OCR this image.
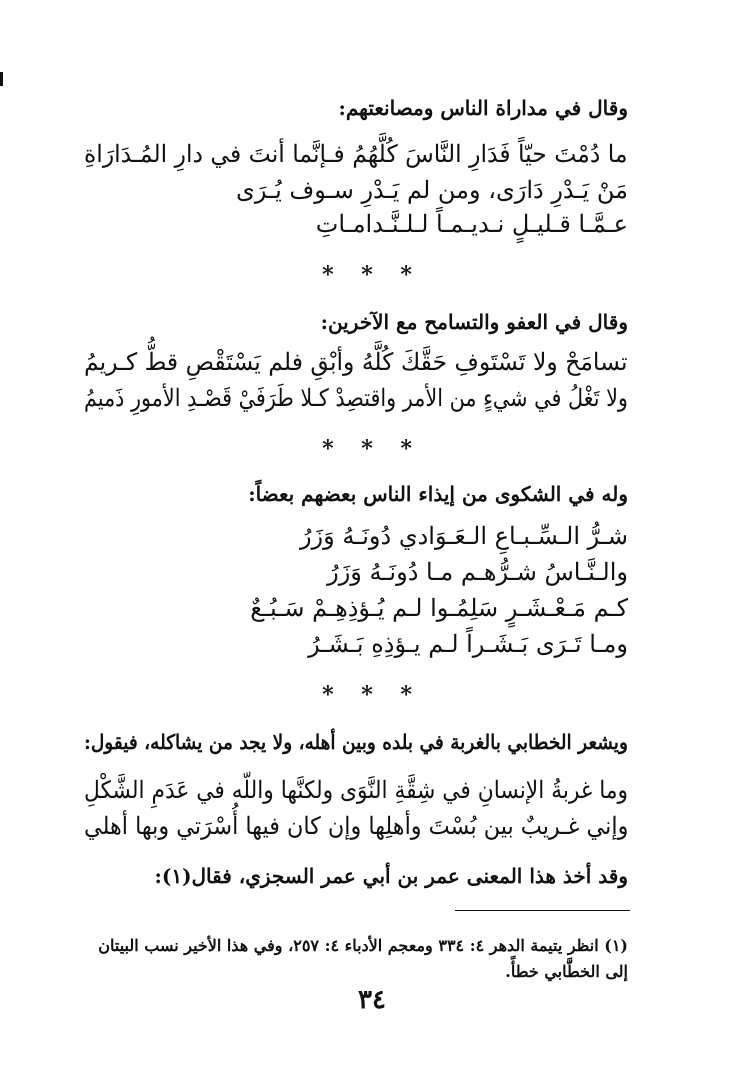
وقال في مداراة الناس ومصانعتهم:

ما دُمْتَ حيّاً فَدَارِ النَّاسَ كُلَّهُمُ فـإنَّما أنتَ في دارِ المُـدَارَاةِ

مَنْ يَـدْرِ دَارَى، ومن لم يَـدْرِ سـوف يُـرَى

عـمَّـا قـليـلٍ نـديـمـاً لـلـنَّـدامـاتِ

* * *

وقال في العفو والتسامح مع الآخرين:

تسامَحْ ولا تَسْتَوفِ حَقَّكَ كُلَّهُ وأبْقِ فلم يَسْتَقْصِ قطُّ كـريمُ

ولا تَغْلُ في شيءٍ من الأمر واقتصِدْ كـلا طَرَفَيْ قَصْـدِ الأمورِ ذَميمُ

* * *

وله في الشكوى من إيذاء الناس بعضهم بعضاً:

شـرُّ الـسِّـبـاعِ الـعَـوَادي دُونَـهُ وَزَرُ

والـنَّـاسُ شـرُّهـم مـا دُونَـهُ وَزَرُ

كـم مَـعْـشَـرٍ سَلِمُـوا لـم يُـؤذِهِـمْ سَـبُـعٌ

ومـا تَـرَى بَـشَـراً لـم يـؤذِهِ بَـشَـرُ

* * *

ويشعر الخطابي بالغربة في بلده وبين أهله، ولا يجد من يشاكله، فيقول:

وما غربةُ الإنسانِ في شِقَّةِ النَّوَى ولكنَّها واللّه في عَدَمِ الشَّكْلِ

وإني غـريبٌ بين بُسْتَ وأهلِها وإن كان فيها أُسْرَتي وبها أهلي

وقد أخذ هذا المعنى عمر بن أبي عمر السجزي، فقال(١):

(١) انظر يتيمة الدهر ٤: ٣٣٤ ومعجم الأدباء ٤: ٢٥٧، وفي هذا الأخير نسب البيتان

إلى الخطَّابي خطأً.

٣٤
